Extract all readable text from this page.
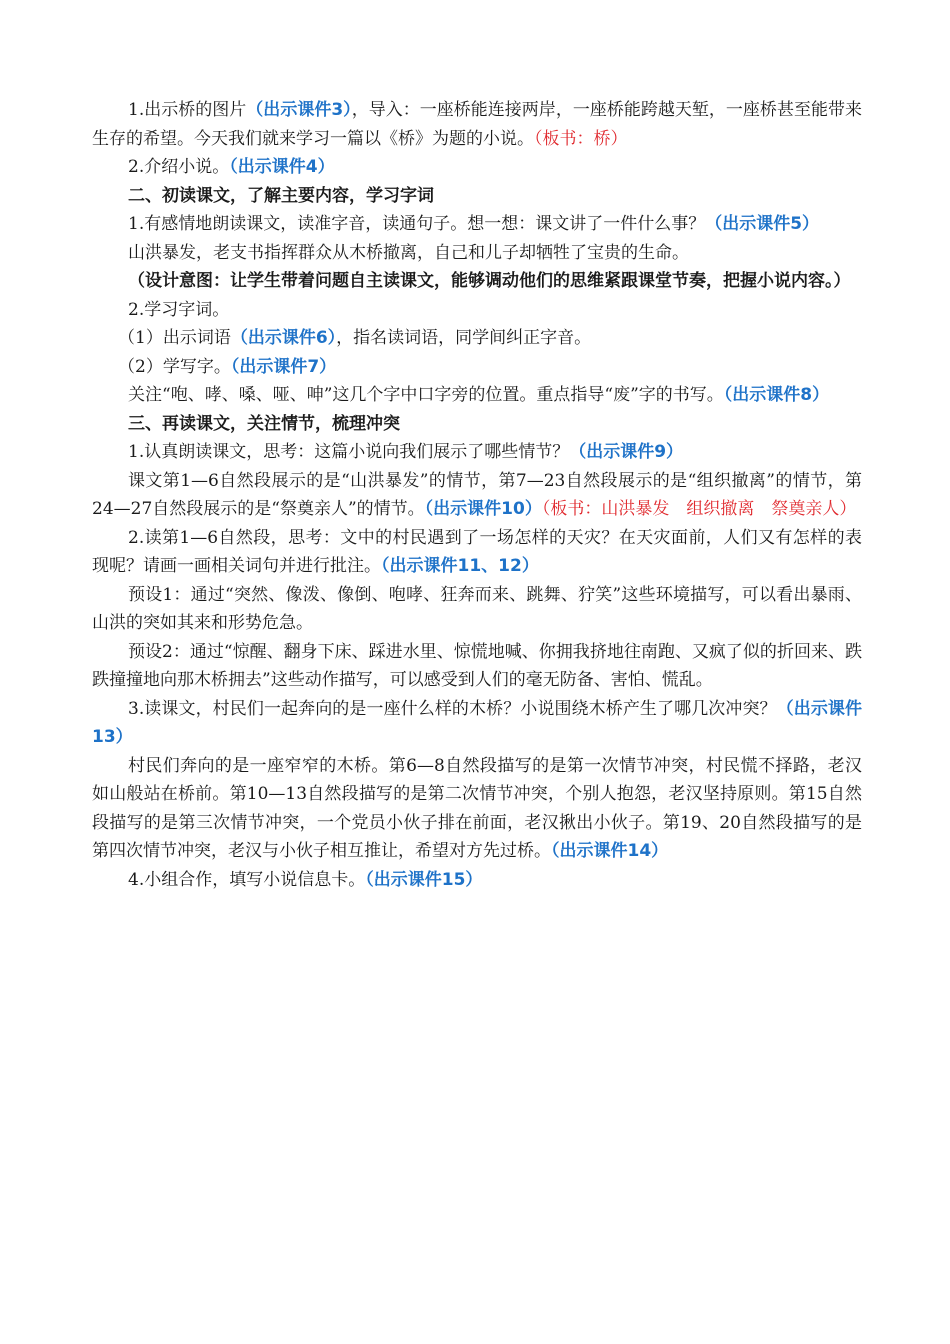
1.出示桥的图片（出示课件3），导入：一座桥能连接两岸，一座桥能跨越天堑，一座桥甚至能带来生存的希望。今天我们就来学习一篇以《桥》为题的小说。（板书：桥）

2.介绍小说。（出示课件4）

二、初读课文，了解主要内容，学习字词

1.有感情地朗读课文，读准字音，读通句子。想一想：课文讲了一件什么事？（出示课件5）

山洪暴发，老支书指挥群众从木桥撤离，自己和儿子却牺牲了宝贵的生命。

（设计意图：让学生带着问题自主读课文，能够调动他们的思维紧跟课堂节奏，把握小说内容。）

2.学习字词。

（1）出示词语（出示课件6），指名读词语，同学间纠正字音。

（2）学写字。（出示课件7）

关注“咆、哮、嗓、哑、呻”这几个字中口字旁的位置。重点指导“废”字的书写。（出示课件8）

三、再读课文，关注情节，梳理冲突

1.认真朗读课文，思考：这篇小说向我们展示了哪些情节？（出示课件9）

课文第1—6自然段展示的是“山洪暴发”的情节，第7—23自然段展示的是“组织撤离”的情节，第24—27自然段展示的是“祭奠亲人”的情节。（出示课件10）（板书：山洪暴发　组织撤离　祭奠亲人）

2.读第1—6自然段，思考：文中的村民遇到了一场怎样的天灾？在天灾面前，人们又有怎样的表现呢？请画一画相关词句并进行批注。（出示课件11、12）

预设1：通过“突然、像泼、像倒、咆哮、狂奔而来、跳舞、狞笑”这些环境描写，可以看出暴雨、山洪的突如其来和形势危急。

预设2：通过“惊醒、翻身下床、踩进水里、惊慌地喊、你拥我挤地往南跑、又疯了似的折回来、跌跌撞撞地向那木桥拥去”这些动作描写，可以感受到人们的毫无防备、害怕、慌乱。

3.读课文，村民们一起奔向的是一座什么样的木桥？小说围绕木桥产生了哪几次冲突？（出示课件13）

村民们奔向的是一座窄窄的木桥。第6—8自然段描写的是第一次情节冲突，村民慌不择路，老汉如山般站在桥前。第10—13自然段描写的是第二次情节冲突，个别人抱怨，老汉坚持原则。第15自然段描写的是第三次情节冲突，一个党员小伙子排在前面，老汉揪出小伙子。第19、20自然段描写的是第四次情节冲突，老汉与小伙子相互推让，希望对方先过桥。（出示课件14）

4.小组合作，填写小说信息卡。（出示课件15）
